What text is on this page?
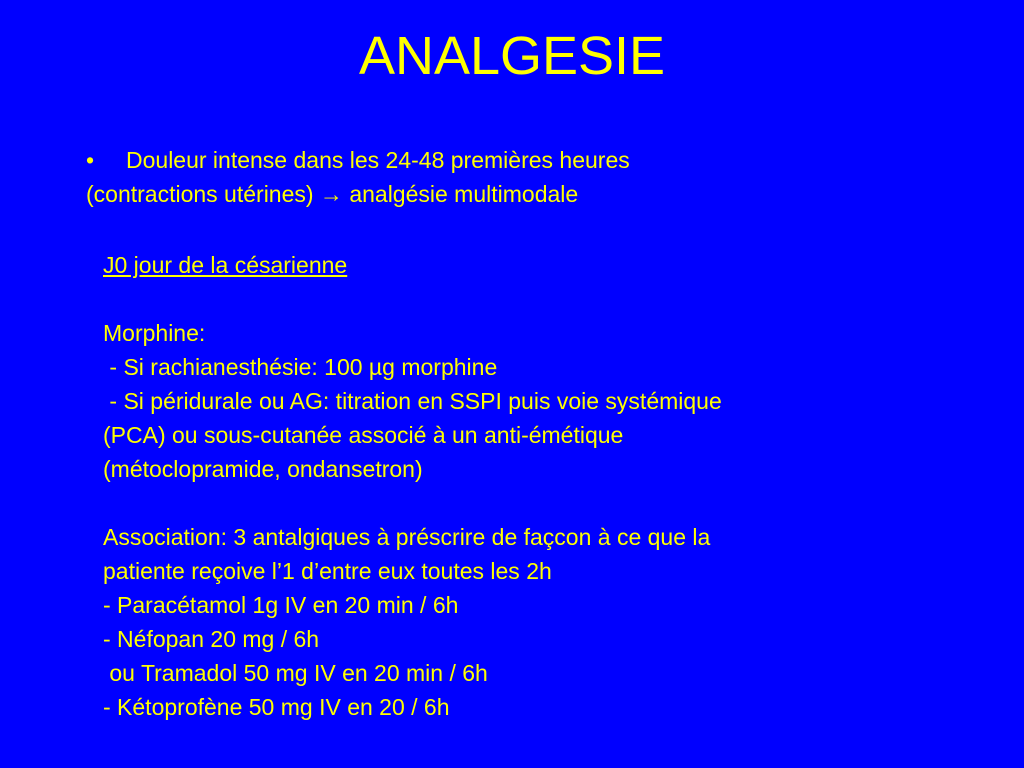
ANALGESIE
• Douleur intense dans les 24-48 premières heures
(contractions utérines) → analgésie multimodale
J0 jour de la césarienne
Morphine:
- Si rachianesthésie: 100 µg morphine
- Si péridurale ou AG: titration en SSPI puis voie systémique
(PCA) ou sous-cutanée associé à un anti-émétique
(métoclopramide, ondansetron)
Association: 3 antalgiques à préscrire de façcon à ce que la
patiente reçoive l’1 d’entre eux toutes les 2h
- Paracétamol 1g IV en 20 min / 6h
- Néfopan 20 mg / 6h
ou Tramadol 50 mg IV en 20 min / 6h
- Kétoprofène 50 mg IV en 20 / 6h
